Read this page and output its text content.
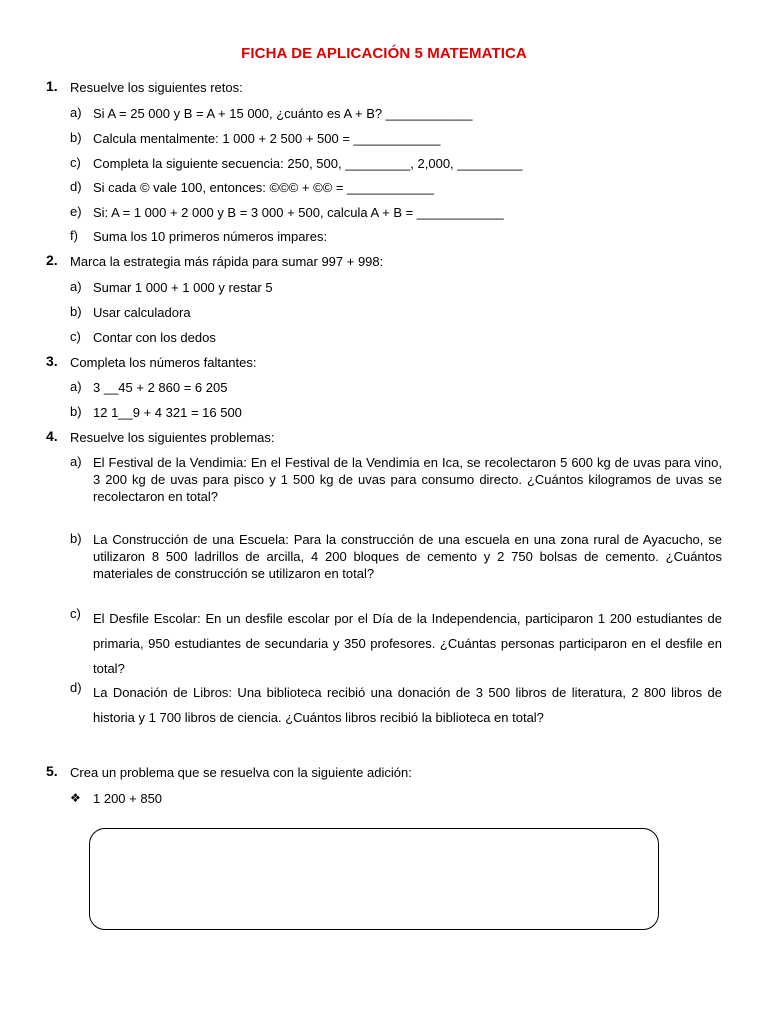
FICHA DE APLICACIÓN 5 MATEMATICA
1. Resuelve los siguientes retos:
a) Si A = 25 000 y B = A + 15 000, ¿cuánto es A + B? ____________
b) Calcula mentalmente: 1 000 + 2 500 + 500 = ____________
c) Completa la siguiente secuencia: 250, 500, _________, 2,000, _________
d) Si cada © vale 100, entonces: ©©© + ©© = ____________
e) Si: A = 1 000 + 2 000 y B = 3 000 + 500, calcula A + B = ____________
f)	Suma los 10 primeros números impares:
2. Marca la estrategia más rápida para sumar 997 + 998:
a) Sumar 1 000 + 1 000 y restar 5
b) Usar calculadora
c) Contar con los dedos
3. Completa los números faltantes:
a) 3 __45 + 2 860 = 6 205
b) 12 1__9 + 4 321 = 16 500
4. Resuelve los siguientes problemas:
a) El Festival de la Vendimia: En el Festival de la Vendimia en Ica, se recolectaron 5 600 kg de uvas para vino, 3 200 kg de uvas para pisco y 1 500 kg de uvas para consumo directo. ¿Cuántos kilogramos de uvas se recolectaron en total?
b) La Construcción de una Escuela: Para la construcción de una escuela en una zona rural de Ayacucho, se utilizaron 8 500 ladrillos de arcilla, 4 200 bloques de cemento y 2 750 bolsas de cemento. ¿Cuántos materiales de construcción se utilizaron en total?
c) El Desfile Escolar: En un desfile escolar por el Día de la Independencia, participaron 1 200 estudiantes de primaria, 950 estudiantes de secundaria y 350 profesores. ¿Cuántas personas participaron en el desfile en total?
d) La Donación de Libros: Una biblioteca recibió una donación de 3 500 libros de literatura, 2 800 libros de historia y 1 700 libros de ciencia. ¿Cuántos libros recibió la biblioteca en total?
5. Crea un problema que se resuelva con la siguiente adición:
❖ 1 200 + 850
